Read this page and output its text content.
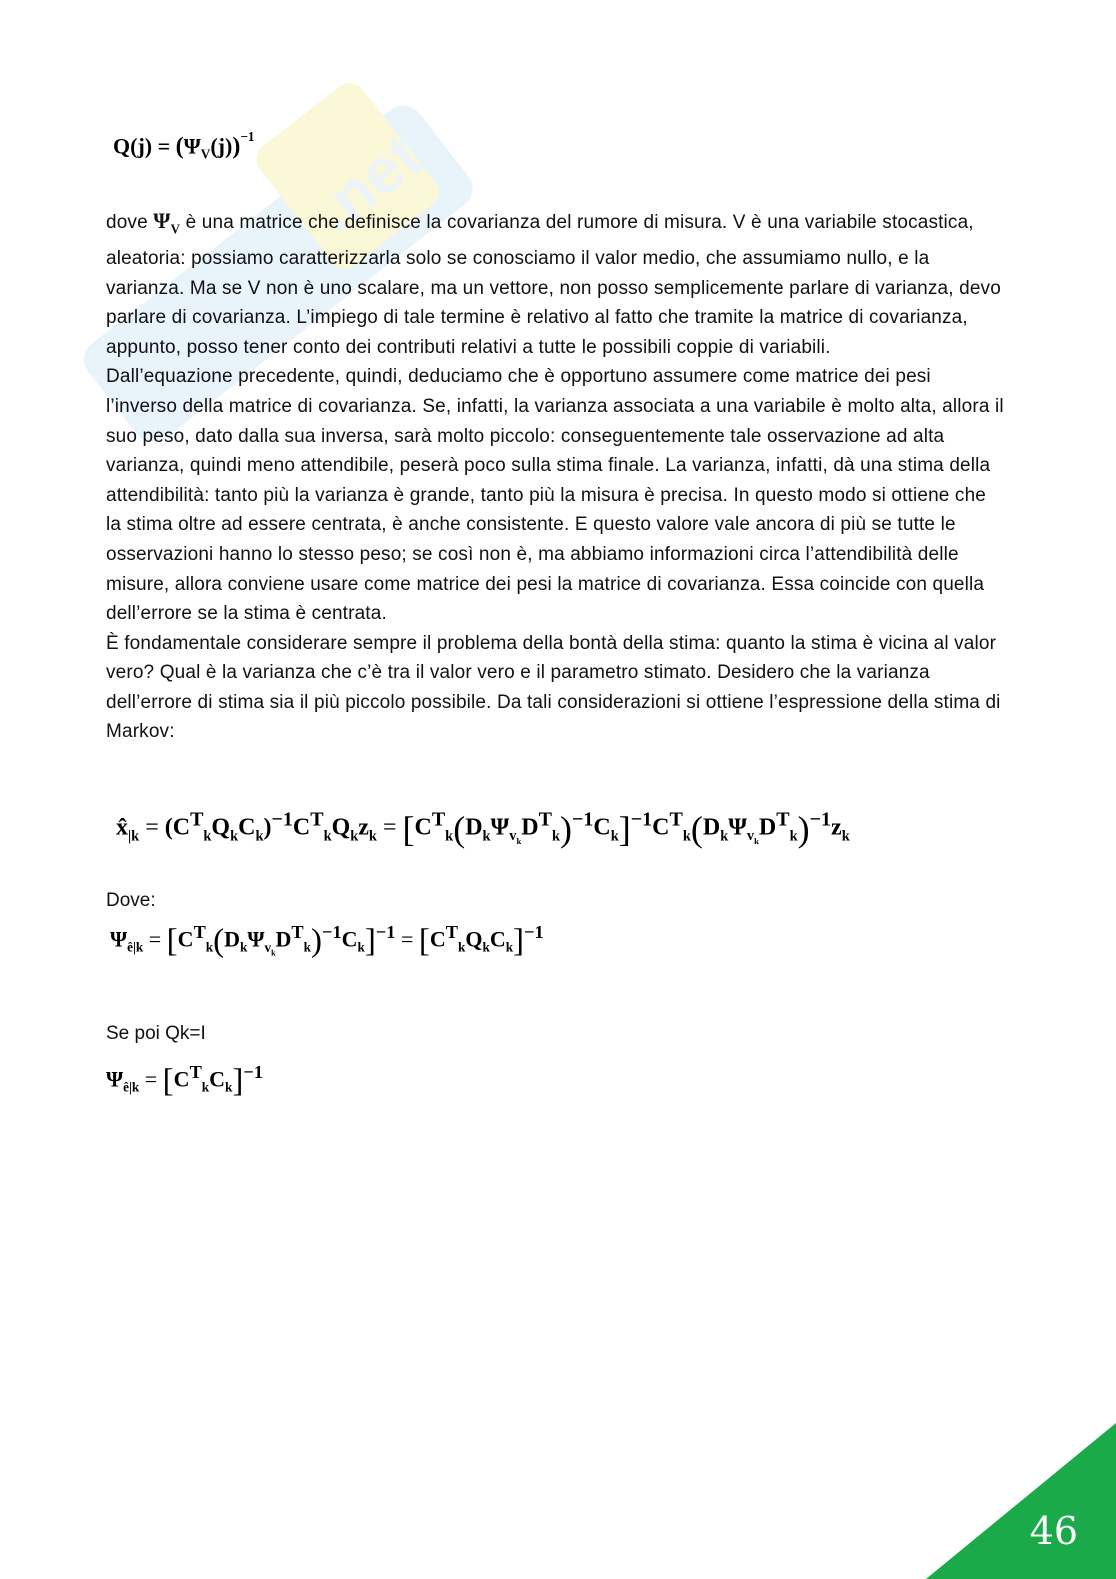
.net
$Q(j) = (\Psi_V(j))^{-1}$

dove $\Psi_V$ è una matrice che definisce la covarianza del rumore di misura. V è una variabile stocastica, aleatoria: possiamo caratterizzarla solo se conosciamo il valor medio, che assumiamo nullo, e la varianza. Ma se V non è uno scalare, ma un vettore, non posso semplicemente parlare di varianza, devo parlare di covarianza. L’impiego di tale termine è relativo al fatto che tramite la matrice di covarianza, appunto, posso tener conto dei contributi relativi a tutte le possibili coppie di variabili.

Dall’equazione precedente, quindi, deduciamo che è opportuno assumere come matrice dei pesi l’inverso della matrice di covarianza. Se, infatti, la varianza associata a una variabile è molto alta, allora il suo peso, dato dalla sua inversa, sarà molto piccolo: conseguentemente tale osservazione ad alta varianza, quindi meno attendibile, peserà poco sulla stima finale. La varianza, infatti, dà una stima della attendibilità: tanto più la varianza è grande, tanto più la misura è precisa. In questo modo si ottiene che la stima oltre ad essere centrata, è anche consistente. E questo valore vale ancora di più se tutte le osservazioni hanno lo stesso peso; se così non è, ma abbiamo informazioni circa l’attendibilità delle misure, allora conviene usare come matrice dei pesi la matrice di covarianza. Essa coincide con quella dell’errore se la stima è centrata.

È fondamentale considerare sempre il problema della bontà della stima: quanto la stima è vicina al valor vero? Qual è la varianza che c’è tra il valor vero e il parametro stimato. Desidero che la varianza dell’errore di stima sia il più piccolo possibile. Da tali considerazioni si ottiene l’espressione della stima di Markov:

$x̂_{|k} = (C^T_kQ_kC_k)^{-1}C^T_kQ_kz_k = [C^T_k(D_k\Psi_{v_k}D^T_k)^{-1}C_k]^{-1}C^T_k(D_k\Psi_{v_k}D^T_k)^{-1}z_k$
Dove:
$\Psi_{ê|k} = [C^T_k(D_k\Psi_{v_k}D^T_k)^{-1}C_k]^{-1} = [C^T_kQ_kC_k]^{-1}$
Se poi Qk=I
$\Psi_{ê|k} = [C^T_kC_k]^{-1}$
46
